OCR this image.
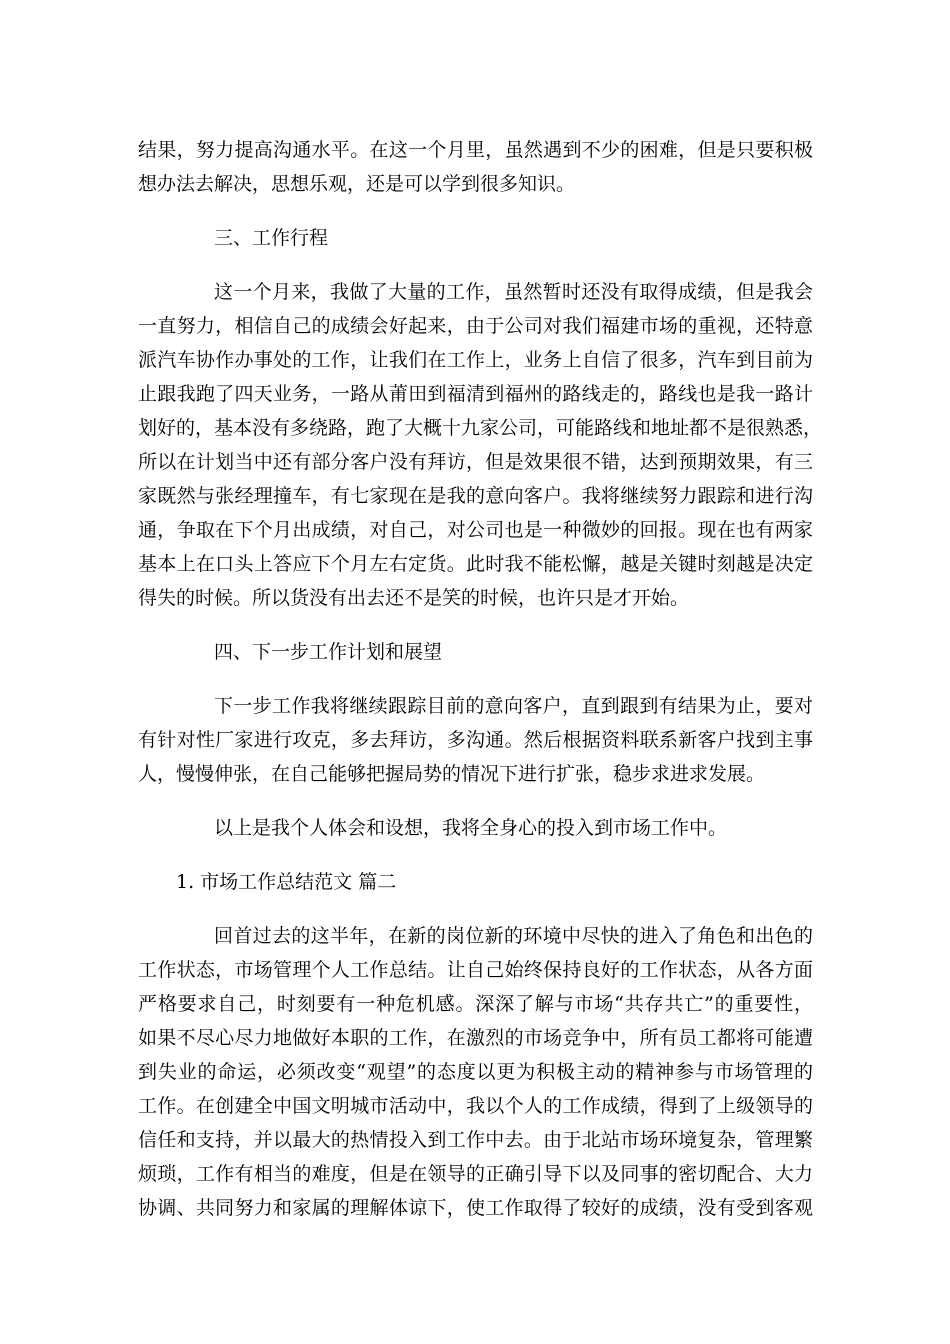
结果，努力提高沟通水平。在这一个月里，虽然遇到不少的困难，但是只要积极
想办法去解决，思想乐观，还是可以学到很多知识。
三、工作行程
这一个月来，我做了大量的工作，虽然暂时还没有取得成绩，但是我会
一直努力，相信自己的成绩会好起来，由于公司对我们福建市场的重视，还特意
派汽车协作办事处的工作，让我们在工作上，业务上自信了很多，汽车到目前为
止跟我跑了四天业务，一路从莆田到福清到福州的路线走的，路线也是我一路计
划好的，基本没有多绕路，跑了大概十九家公司，可能路线和地址都不是很熟悉，
所以在计划当中还有部分客户没有拜访，但是效果很不错，达到预期效果，有三
家既然与张经理撞车，有七家现在是我的意向客户。我将继续努力跟踪和进行沟
通，争取在下个月出成绩，对自己，对公司也是一种微妙的回报。现在也有两家
基本上在口头上答应下个月左右定货。此时我不能松懈，越是关键时刻越是决定
得失的时候。所以货没有出去还不是笑的时候，也许只是才开始。
四、下一步工作计划和展望
下一步工作我将继续跟踪目前的意向客户，直到跟到有结果为止，要对
有针对性厂家进行攻克，多去拜访，多沟通。然后根据资料联系新客户找到主事
人，慢慢伸张，在自己能够把握局势的情况下进行扩张，稳步求进求发展。
以上是我个人体会和设想，我将全身心的投入到市场工作中。
1. 市场工作总结范文 篇二
回首过去的这半年，在新的岗位新的环境中尽快的进入了角色和出色的
工作状态，市场管理个人工作总结。让自己始终保持良好的工作状态，从各方面
严格要求自己，时刻要有一种危机感。深深了解与市场“共存共亡”的重要性，
如果不尽心尽力地做好本职的工作，在激烈的市场竞争中，所有员工都将可能遭
到失业的命运，必须改变“观望”的态度以更为积极主动的精神参与市场管理的
工作。在创建全中国文明城市活动中，我以个人的工作成绩，得到了上级领导的
信任和支持，并以最大的热情投入到工作中去。由于北站市场环境复杂，管理繁
烦琐，工作有相当的难度，但是在领导的正确引导下以及同事的密切配合、大力
协调、共同努力和家属的理解体谅下，使工作取得了较好的成绩，没有受到客观
